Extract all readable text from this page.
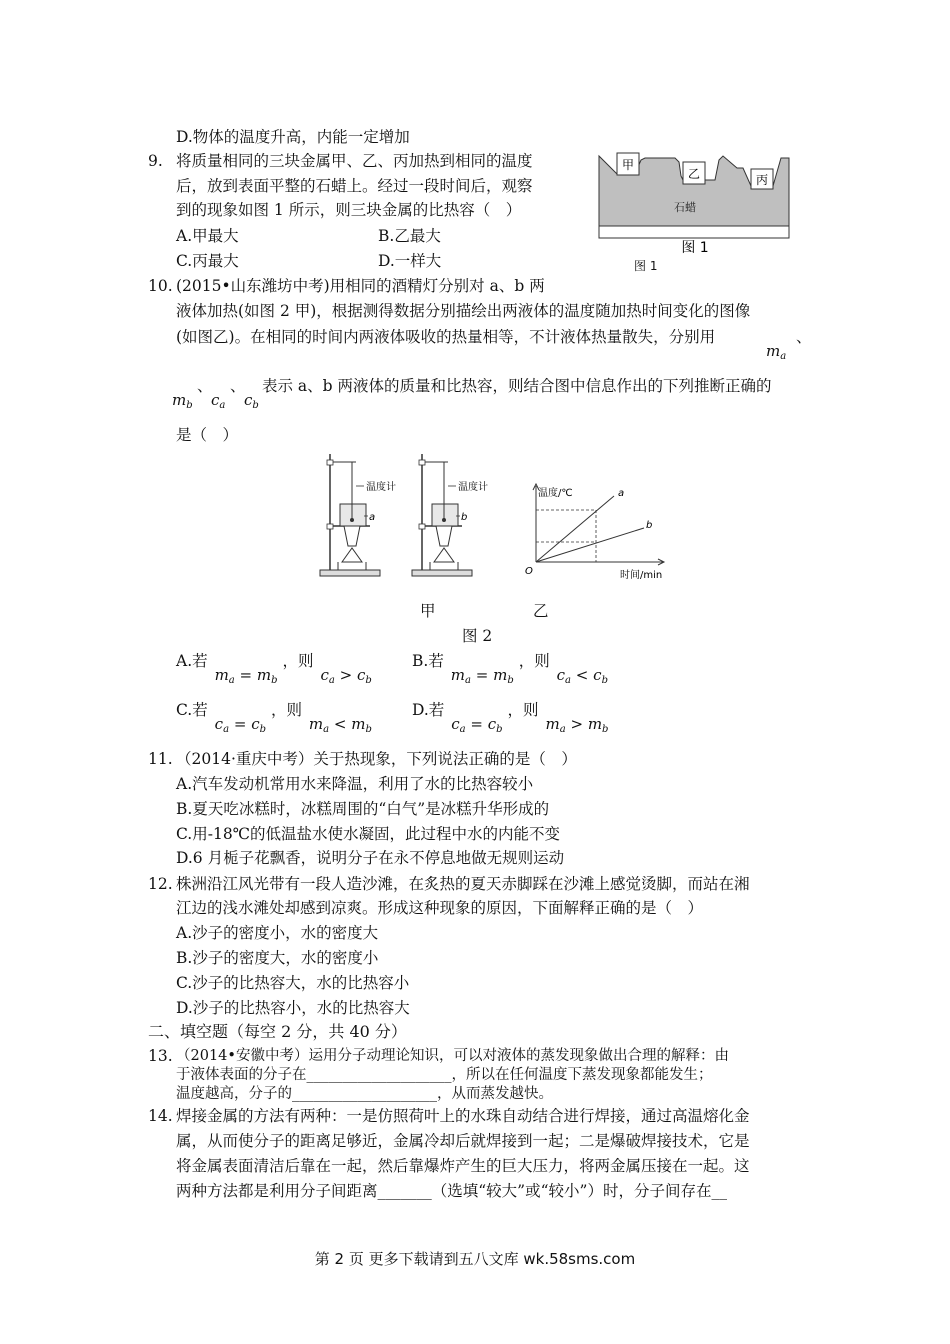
D.物体的温度升高，内能一定增加
9. 将质量相同的三块金属甲、乙、丙加热到相同的温度
后，放到表面平整的石蜡上。经过一段时间后，观察
到的现象如图 1 所示，则三块金属的比热容（　）
A.甲最大	B.乙最大
C.丙最大	D.一样大
甲
乙	丙
石蜡
图 1
图 1
10. (2015•山东潍坊中考)用相同的酒精灯分别对 a、b 两
液体加热(如图 2 甲)，根据测得数据分别描绘出两液体的温度随加热时间变化的图像
(如图乙)。在相同的时间内两液体吸收的热量相等，不计液体热量散失，分别用	、
$m_a$
$m_b$
、
$c_a$
、
$c_b$
表示 a、b 两液体的质量和比热容，则结合图中信息作出的下列推断正确的
是（　）
温度计
a
温度计
b
温度/℃
时间/min
O
a
b
甲	乙
图 2
A.若 $m_a = m_b$ ，则 $c_a > c_b$
B.若 $m_a = m_b$ ，则 $c_a < c_b$
C.若 $c_a = c_b$ ，则 $m_a < m_b$
D.若 $c_a = c_b$ ，则 $m_a > m_b$
11. （2014·重庆中考）关于热现象，下列说法正确的是（　）
A.汽车发动机常用水来降温，利用了水的比热容较小
B.夏天吃冰糕时，冰糕周围的“白气”是冰糕升华形成的
C.用-18℃的低温盐水使水凝固，此过程中水的内能不变
D.6 月栀子花飘香，说明分子在永不停息地做无规则运动
12. 株洲沿江风光带有一段人造沙滩，在炙热的夏天赤脚踩在沙滩上感觉烫脚，而站在湘
江边的浅水滩处却感到凉爽。形成这种现象的原因，下面解释正确的是（　）
A.沙子的密度小，水的密度大
B.沙子的密度大，水的密度小
C.沙子的比热容大，水的比热容小
D.沙子的比热容小，水的比热容大
二、填空题（每空 2 分，共 40 分）
13. （2014•安徽中考）运用分子动理论知识，可以对液体的蒸发现象做出合理的解释：由
于液体表面的分子在____________________，所以在任何温度下蒸发现象都能发生；
温度越高，分子的____________________，从而蒸发越快。
14. 焊接金属的方法有两种：一是仿照荷叶上的水珠自动结合进行焊接，通过高温熔化金
属，从而使分子的距离足够近，金属冷却后就焊接到一起；二是爆破焊接技术，它是
将金属表面清洁后靠在一起，然后靠爆炸产生的巨大压力，将两金属压接在一起。这
两种方法都是利用分子间距离_______（选填“较大”或“较小”）时，分子间存在__
第 2 页 更多下载请到五八文库 wk.58sms.com
